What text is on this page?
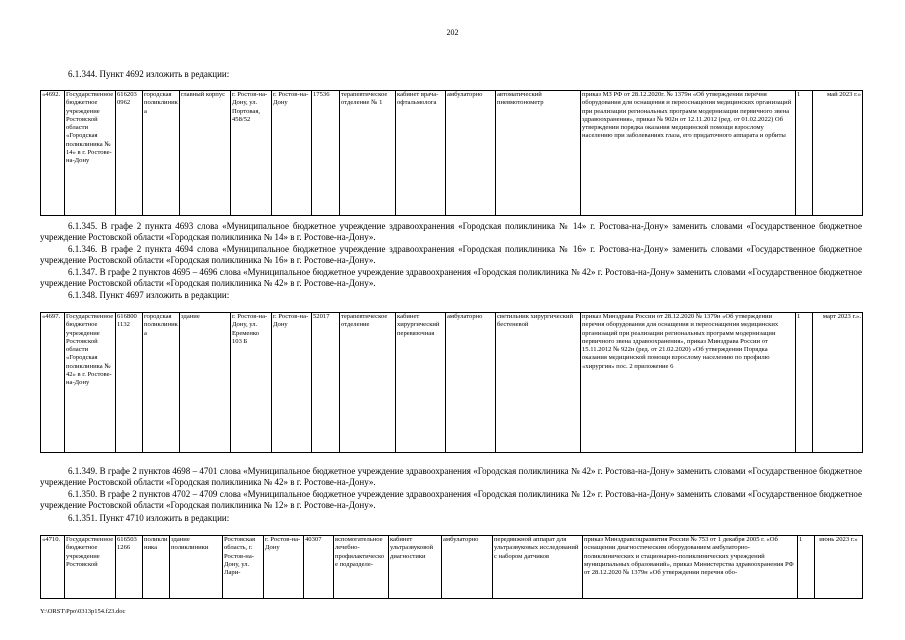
202
6.1.344. Пункт 4692 изложить в редакции:
«4692.	Государственное бюджетное учреждение Ростовской области «Городская поликлиника № 14» в г. Ростове-на-Дону	616203 0962	городская поликлиника	главный корпус	г. Ростов-на-Дону, ул. Портовая, 458/52	г. Ростов-на-Дону	17536	терапевтическое отделение № 1	кабинет врача-офтальмолога	амбулаторно	автоматический пневмотонометр	приказ МЗ РФ от 28.12.2020г. № 1379н «Об утверждении перечня оборудования для оснащения и переоснащения медицинских организаций при реализации региональных программ модернизации первичного звена здравоохранения», приказ № 902н от 12.11.2012 (ред. от 01.02.2022) Об утверждении порядка оказания медицинской помощи взрослому населению при заболеваниях глаза, его придаточного аппарата и орбиты	1	май 2023 г.»
6.1.345. В графе 2 пункта 4693 слова «Муниципальное бюджетное учреждение здравоохранения «Городская поликлиника № 14» г. Ростова-на-Дону» заменить словами «Государственное бюджетное учреждение Ростовской области «Городская поликлиника № 14» в г. Ростове-на-Дону».
6.1.346. В графе 2 пункта 4694 слова «Муниципальное бюджетное учреждение здравоохранения «Городская поликлиника № 16» г. Ростова-на-Дону» заменить словами «Государственное бюджетное учреждение Ростовской области «Городская поликлиника № 16» в г. Ростове-на-Дону».
6.1.347. В графе 2 пунктов 4695 – 4696 слова «Муниципальное бюджетное учреждение здравоохранения «Городская поликлиника № 42» г. Ростова-на-Дону» заменить словами «Государственное бюджетное учреждение Ростовской области «Городская поликлиника № 42» в г. Ростове-на-Дону».
6.1.348. Пункт 4697 изложить в редакции:
«4697.	Государственное бюджетное учреждение Ростовской области «Городская поликлиника № 42» в г. Ростове-на-Дону	616800 1132	городская поликлиника	здание	г. Ростов-на-Дону, ул. Еременко 103 Б	г. Ростов-на-Дону	52017	терапевтическое отделение	кабинет хирургический перевязочная	амбулаторно	светильник хирургический бестеневой	приказ Минздрава России от 28.12.2020 № 1379н «Об утверждении перечня оборудования для оснащения и переоснащения медицинских организаций при реализации региональных программ модернизации первичного звена здравоохранения», приказ Минздрава России от 15.11.2012 № 922н (ред. от 21.02.2020) «Об утверждении Порядка оказания медицинской помощи взрослому населению по профилю «хирургия» пос. 2 приложение 6	1	март 2023 г.».
6.1.349. В графе 2 пунктов 4698 – 4701 слова «Муниципальное бюджетное учреждение здравоохранения «Городская поликлиника № 42» г. Ростова-на-Дону» заменить словами «Государственное бюджетное учреждение Ростовской области «Городская поликлиника № 42» в г. Ростове-на-Дону».
6.1.350. В графе 2 пунктов 4702 – 4709 слова «Муниципальное бюджетное учреждение здравоохранения «Городская поликлиника № 12» г. Ростова-на-Дону» заменить словами «Государственное бюджетное учреждение Ростовской области «Городская поликлиника № 12» в г. Ростове-на-Дону».
6.1.351. Пункт 4710 изложить в редакции:
«4710.	Государственное бюджетное учреждение Ростовской	616503 1266	поликлиника	здание поликлиники	Ростовская область, г. Ростов-на-Дону, ул. Лари-	г. Ростов-на-Дону	40307	вспомогательное лечебно-профилактическое подразделе-	кабинет ультразвуковой диагностики	амбулаторно	передвижной аппарат для ультразвуковых исследований с набором датчиков	приказ Минздравсоцразвития России № 753 от 1 декабря 2005 г. «Об оснащении диагностическим оборудованием амбулаторно-поликлинических и стационарно-поликлинических учреждений муниципальных образований», приказ Министерства здравоохранения РФ от 28.12.2020 № 1379н «Об утверждении перечня обо-	1	июнь 2023 г.»
Y:\ORST\Ppo\0313p154.f23.doc
